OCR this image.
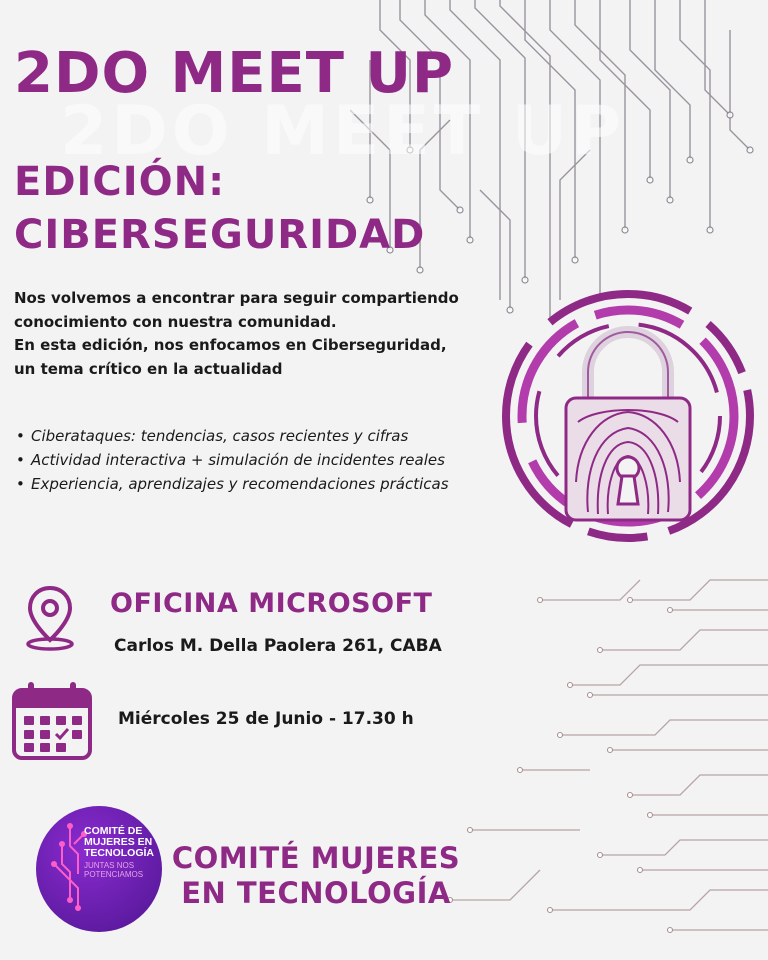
2DO MEET UP
2DO MEET UP
EDICIÓN:
CIBERSEGURIDAD

Nos volvemos a encontrar para seguir compartiendo conocimiento con nuestra comunidad.
En esta edición, nos enfocamos en Ciberseguridad, un tema crítico en la actualidad

• Ciberataques: tendencias, casos recientes y cifras
• Actividad interactiva + simulación de incidentes reales
• Experiencia, aprendizajes y recomendaciones prácticas
OFICINA MICROSOFT
Carlos M. Della Paolera 261, CABA
Miércoles 25 de Junio - 17.30 h
COMITÉ DE MUJERES EN TECNOLOGÍA
JUNTAS NOS POTENCIAMOS COMITÉ MUJERES
EN TECNOLOGÍA
